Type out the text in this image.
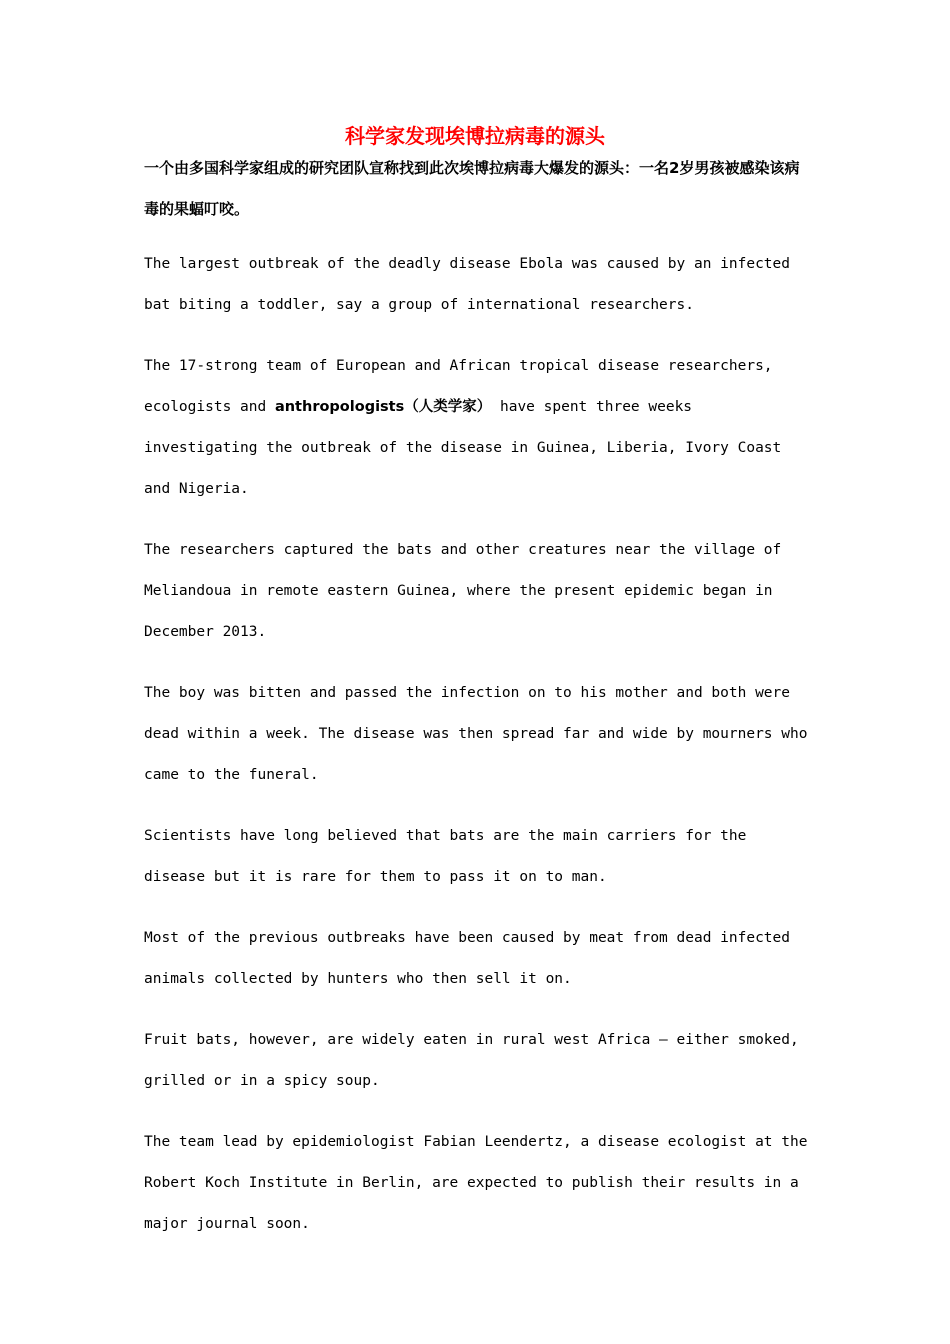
科学家发现埃博拉病毒的源头

一个由多国科学家组成的研究团队宣称找到此次埃博拉病毒大爆发的源头：一名2岁男孩被感染该病毒的果蝠叮咬。

The largest outbreak of the deadly disease Ebola was caused by an infected bat biting a toddler, say a group of international researchers.

The 17-strong team of European and African tropical disease researchers, ecologists and anthropologists（人类学家） have spent three weeks investigating the outbreak of the disease in Guinea, Liberia, Ivory Coast and Nigeria.

The researchers captured the bats and other creatures near the village of Meliandoua in remote eastern Guinea, where the present epidemic began in December 2013.

The boy was bitten and passed the infection on to his mother and both were dead within a week. The disease was then spread far and wide by mourners who came to the funeral.

Scientists have long believed that bats are the main carriers for the disease but it is rare for them to pass it on to man.

Most of the previous outbreaks have been caused by meat from dead infected animals collected by hunters who then sell it on.

Fruit bats, however, are widely eaten in rural west Africa – either smoked, grilled or in a spicy soup.

The team lead by epidemiologist Fabian Leendertz, a disease ecologist at the Robert Koch Institute in Berlin, are expected to publish their results in a major journal soon.
